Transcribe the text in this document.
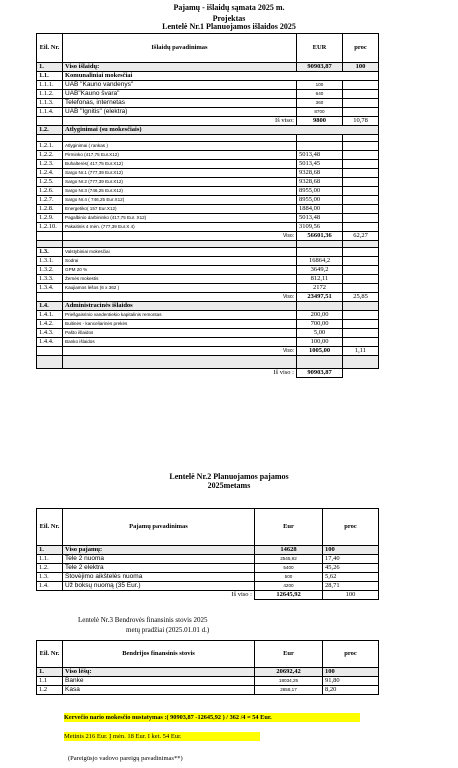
Pajamų - išlaidų sąmata 2025 m.
Projektas
Lentelė Nr.1 Planuojamos išlaidos 2025
Eil. Nr.	Išlaidų pavadinimas	EUR	proc
1.	Viso išlaidų:	90903,87	100
1.1.	Komunaliniai mokesčiai		
1.1.1.	UAB "Kauno vandenys"	100	
1.1.2.	UAB"Kauno švara"	640	
1.1.3.	Telefonas, internetas	360	
1.1.4.	UAB "Ignitis" (elektra)	8700	
	Iš viso:	9800	10,78
1.2.	Atlyginimai (su mokesčiais)		

1.2.1.	Atlyginimai ( rankas )		
1.2.2.	Pirminko (417,75 Eur.X12)	5013,48	
1.2.3.	Buhalterės( 417,75 Eur.X12)	5013,45	
1.2.4.	Sargo Nr.1 (777,39 Eur.X12)	9328,68	
1.2.5.	Sargo Nr.2 (777,39 Eur.X12)	9328,68	
1.2.6.	Sargo Nr.3 (746,25 Eur.X12)	8955,00	
1.2.7.	Sargo Nr.4 ( 746,25 Eur.X12)	8955,00	
1.2.8.	Energetiko( 157 Eur.X12)	1884,00	
1.2.9.	Pagalbinio darbininko (417,75 Eur. X12)	5013,48	
1.2.10.	Pakaitinis 4 mėn. (777,39 Eur.X 4)	3109,56	
	Viso:	56601,36	62,27

1.3.	Valstybiniai mokesčiai		
1.3.1.	Sodrai	16864,2	
1.3.2.	GPM 20 %	3649,2	
1.3.3.	Žemės mokestis	812,11	
1.3.4.	Kaujiamos lėšos (6 x 362 )	2172	
	Viso:	23497,51	25,85
1.4.	Administracinės išlaidos		
1.4.1.	Priešgaisrinio vandentiekio kapitalinis remontas	200,00	
1.4.2.	Buitinės - kanceliarinės prekės	700,00	
1.4.3.	Pašto išlaidos	5,00	
1.4.4.	Banko išlaidos	100,00	
	Viso:	1005,00	1,11

	Iš viso :	90903,87	
Lentelė Nr.2 Planuojamos pajamos
2025metams
Eil. Nr.	Pajamų pavadinimas	Eur	proc
1.	Viso pajamų:	14628	100
1.1.	Tele 2 nuoma	2545,92	17,40
1.2.	Tele 2 elektra	5400	45,26
1.3.	Stovėjimo aikštelės nuoma	500	5,62
1.4.	Už boksų nuomą (35 Eur.)	4200	28,71
	Iš viso :	12645,92	100
Lentelė Nr.3 Bendrovės finansinis stovis 2025
metų pradžiai (2025.01.01 d.)
Eil. Nr.	Bendrijos finansinis stovis	Eur	proc
1.	Viso lėšų:	20692,42	100
1.1	Banke	18034,25	91,80
1.2	Kasa	2658,17	8,20
Kervečio nario mokesčio nustatymas :( 90903,87 -12645,92 ) / 362 /4 = 54 Eur.
Metinis 216 Eur. Į mėn. 18 Eur. I ket. 54 Eur.
(Pareigūsjo vadovo pareigų pavadinimas**)
